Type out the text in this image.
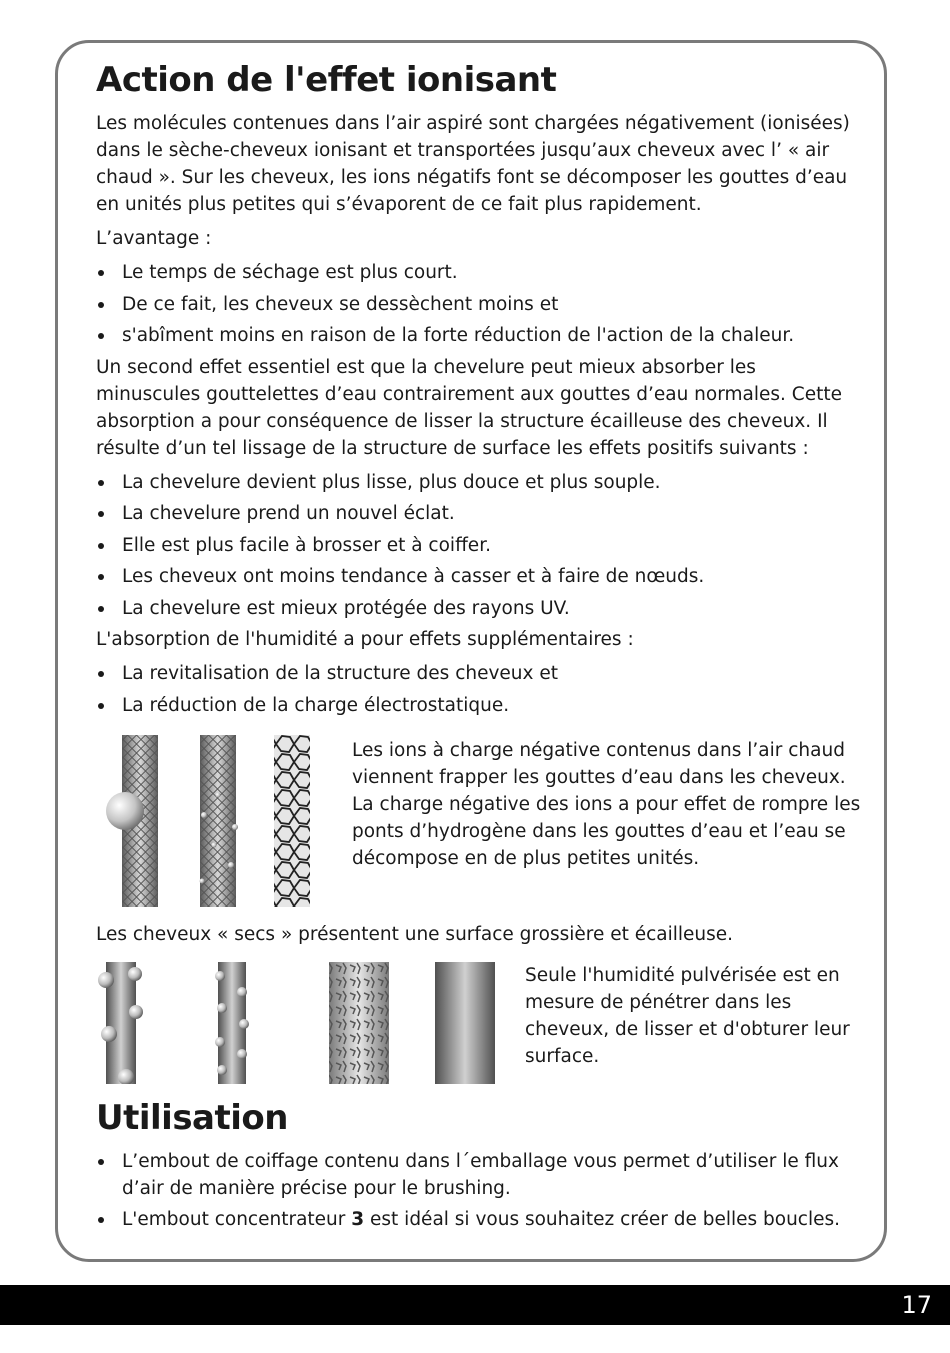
Action de l'effet ionisant

Les molécules contenues dans l’air aspiré sont chargées négativement (ionisées) dans le sèche-cheveux ionisant et transportées jusqu’aux cheveux avec l’ « air chaud ». Sur les cheveux, les ions négatifs font se décomposer les gouttes d’eau en unités plus petites qui s’évaporent de ce fait plus rapidement.

L’avantage :

Le temps de séchage est plus court.
De ce fait, les cheveux se dessèchent moins et
s'abîment moins en raison de la forte réduction de l'action de la chaleur.

Un second effet essentiel est que la chevelure peut mieux absorber les minuscules gouttelettes d’eau contrairement aux gouttes d’eau normales. Cette absorption a pour conséquence de lisser la structure écailleuse des cheveux. Il résulte d’un tel lissage de la structure de surface les effets positifs suivants :

La chevelure devient plus lisse, plus douce et plus souple.
La chevelure prend un nouvel éclat.
Elle est plus facile à brosser et à coiffer.
Les cheveux ont moins tendance à casser et à faire de nœuds.
La chevelure est mieux protégée des rayons UV.

L'absorption de l'humidité a pour effets supplémentaires :

La revitalisation de la structure des cheveux et
La réduction de la charge électrostatique.

Les ions à charge négative contenus dans l’air chaud viennent frapper les gouttes d’eau dans les cheveux. La charge négative des ions a pour effet de rompre les ponts d’hydrogène dans les gouttes d’eau et l’eau se décompose en de plus petites unités.

Les cheveux « secs » présentent une surface grossière et écailleuse.

Seule l'humidité pulvérisée est en mesure de pénétrer dans les cheveux, de lisser et d'obturer leur surface.

Utilisation
L’embout de coiffage contenu dans l´emballage vous permet d’utiliser le flux d’air de manière précise pour le brushing.
L'embout concentrateur 3 est idéal si vous souhaitez créer de belles boucles.
17
